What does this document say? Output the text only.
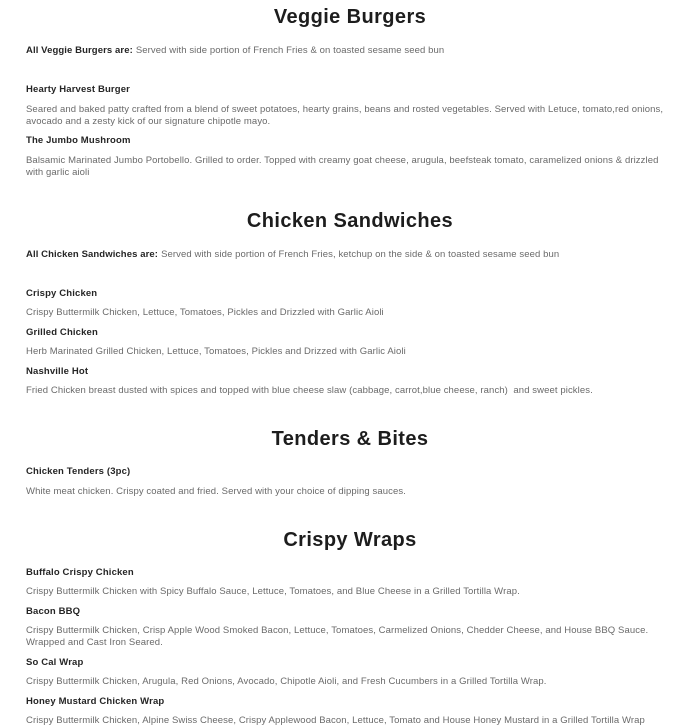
Veggie Burgers

All Veggie Burgers are: Served with side portion of French Fries & on toasted sesame seed bun

Hearty Harvest Burger

Seared and baked patty crafted from a blend of sweet potatoes, hearty grains, beans and rosted vegetables. Served with Letuce, tomato,red onions, avocado and a zesty kick of our signature chipotle mayo.

The Jumbo Mushroom

Balsamic Marinated Jumbo Portobello. Grilled to order. Topped with creamy goat cheese, arugula, beefsteak tomato, caramelized onions & drizzled with garlic aioli

Chicken Sandwiches

All Chicken Sandwiches are: Served with side portion of French Fries, ketchup on the side & on toasted sesame seed bun

Crispy Chicken

Crispy Buttermilk Chicken, Lettuce, Tomatoes, Pickles and Drizzled with Garlic Aioli

Grilled Chicken

Herb Marinated Grilled Chicken, Lettuce, Tomatoes, Pickles and Drizzed with Garlic Aioli

Nashville Hot

Fried Chicken breast dusted with spices and topped with blue cheese slaw (cabbage, carrot,blue cheese, ranch)  and sweet pickles.

Tenders & Bites
Chicken Tenders (3pc)

White meat chicken. Crispy coated and fried. Served with your choice of dipping sauces.

Crispy Wraps
Buffalo Crispy Chicken

Crispy Buttermilk Chicken with Spicy Buffalo Sauce, Lettuce, Tomatoes, and Blue Cheese in a Grilled Tortilla Wrap.

Bacon BBQ

Crispy Buttermilk Chicken, Crisp Apple Wood Smoked Bacon, Lettuce, Tomatoes, Carmelized Onions, Chedder Cheese, and House BBQ Sauce. Wrapped and Cast Iron Seared.

So Cal Wrap

Crispy Buttermilk Chicken, Arugula, Red Onions, Avocado, Chipotle Aioli, and Fresh Cucumbers in a Grilled Tortilla Wrap.

Honey Mustard Chicken Wrap

Crispy Buttermilk Chicken, Alpine Swiss Cheese, Crispy Applewood Bacon, Lettuce, Tomato and House Honey Mustard in a Grilled Tortilla Wrap
